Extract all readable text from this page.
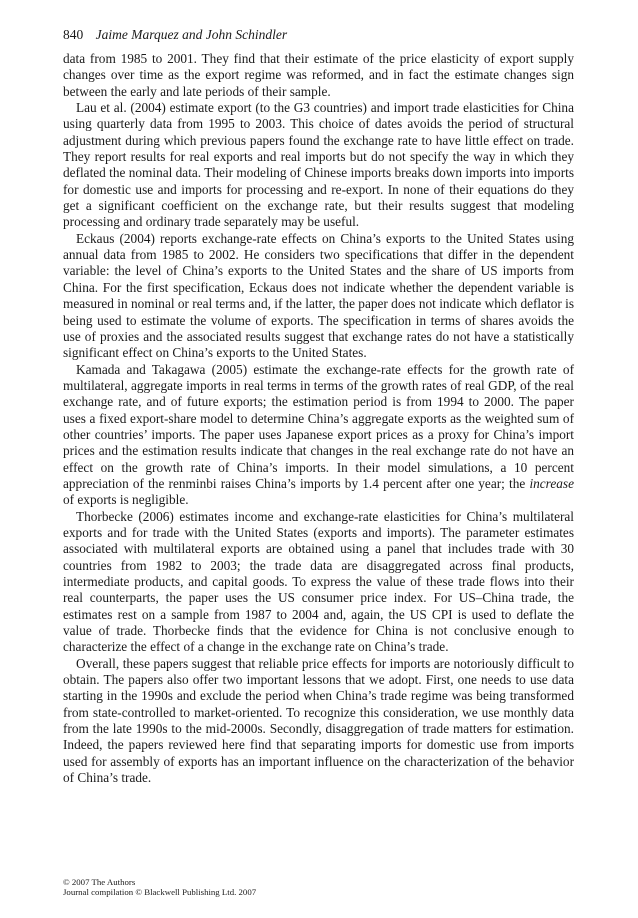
840 Jaime Marquez and John Schindler

data from 1985 to 2001. They find that their estimate of the price elasticity of export supply changes over time as the export regime was reformed, and in fact the estimate changes sign between the early and late periods of their sample.

Lau et al. (2004) estimate export (to the G3 countries) and import trade elasticities for China using quarterly data from 1995 to 2003. This choice of dates avoids the period of structural adjustment during which previous papers found the exchange rate to have little effect on trade. They report results for real exports and real imports but do not specify the way in which they deflated the nominal data. Their modeling of Chinese imports breaks down imports into imports for domestic use and imports for processing and re-export. In none of their equations do they get a significant coefficient on the exchange rate, but their results suggest that modeling processing and ordinary trade separately may be useful.

Eckaus (2004) reports exchange-rate effects on China’s exports to the United States using annual data from 1985 to 2002. He considers two specifications that differ in the dependent variable: the level of China’s exports to the United States and the share of US imports from China. For the first specification, Eckaus does not indicate whether the dependent variable is measured in nominal or real terms and, if the latter, the paper does not indicate which deflator is being used to estimate the volume of exports. The specification in terms of shares avoids the use of proxies and the associated results suggest that exchange rates do not have a statistically significant effect on China’s exports to the United States.

Kamada and Takagawa (2005) estimate the exchange-rate effects for the growth rate of multilateral, aggregate imports in real terms in terms of the growth rates of real GDP, of the real exchange rate, and of future exports; the estimation period is from 1994 to 2000. The paper uses a fixed export-share model to determine China’s aggregate exports as the weighted sum of other countries’ imports. The paper uses Japanese export prices as a proxy for China’s import prices and the estimation results indicate that changes in the real exchange rate do not have an effect on the growth rate of China’s imports. In their model simulations, a 10 percent appreciation of the renminbi raises China’s imports by 1.4 percent after one year; the increase of exports is negligible.

Thorbecke (2006) estimates income and exchange-rate elasticities for China’s multilateral exports and for trade with the United States (exports and imports). The parameter estimates associated with multilateral exports are obtained using a panel that includes trade with 30 countries from 1982 to 2003; the trade data are disaggregated across final products, intermediate products, and capital goods. To express the value of these trade flows into their real counterparts, the paper uses the US consumer price index. For US–China trade, the estimates rest on a sample from 1987 to 2004 and, again, the US CPI is used to deflate the value of trade. Thorbecke finds that the evidence for China is not conclusive enough to characterize the effect of a change in the exchange rate on China’s trade.

Overall, these papers suggest that reliable price effects for imports are notoriously difficult to obtain. The papers also offer two important lessons that we adopt. First, one needs to use data starting in the 1990s and exclude the period when China’s trade regime was being transformed from state-controlled to market-oriented. To recognize this consideration, we use monthly data from the late 1990s to the mid-2000s. Secondly, disaggregation of trade matters for estimation. Indeed, the papers reviewed here find that separating imports for domestic use from imports used for assembly of exports has an important influence on the characterization of the behavior of China’s trade.

© 2007 The Authors
Journal compilation © Blackwell Publishing Ltd. 2007
